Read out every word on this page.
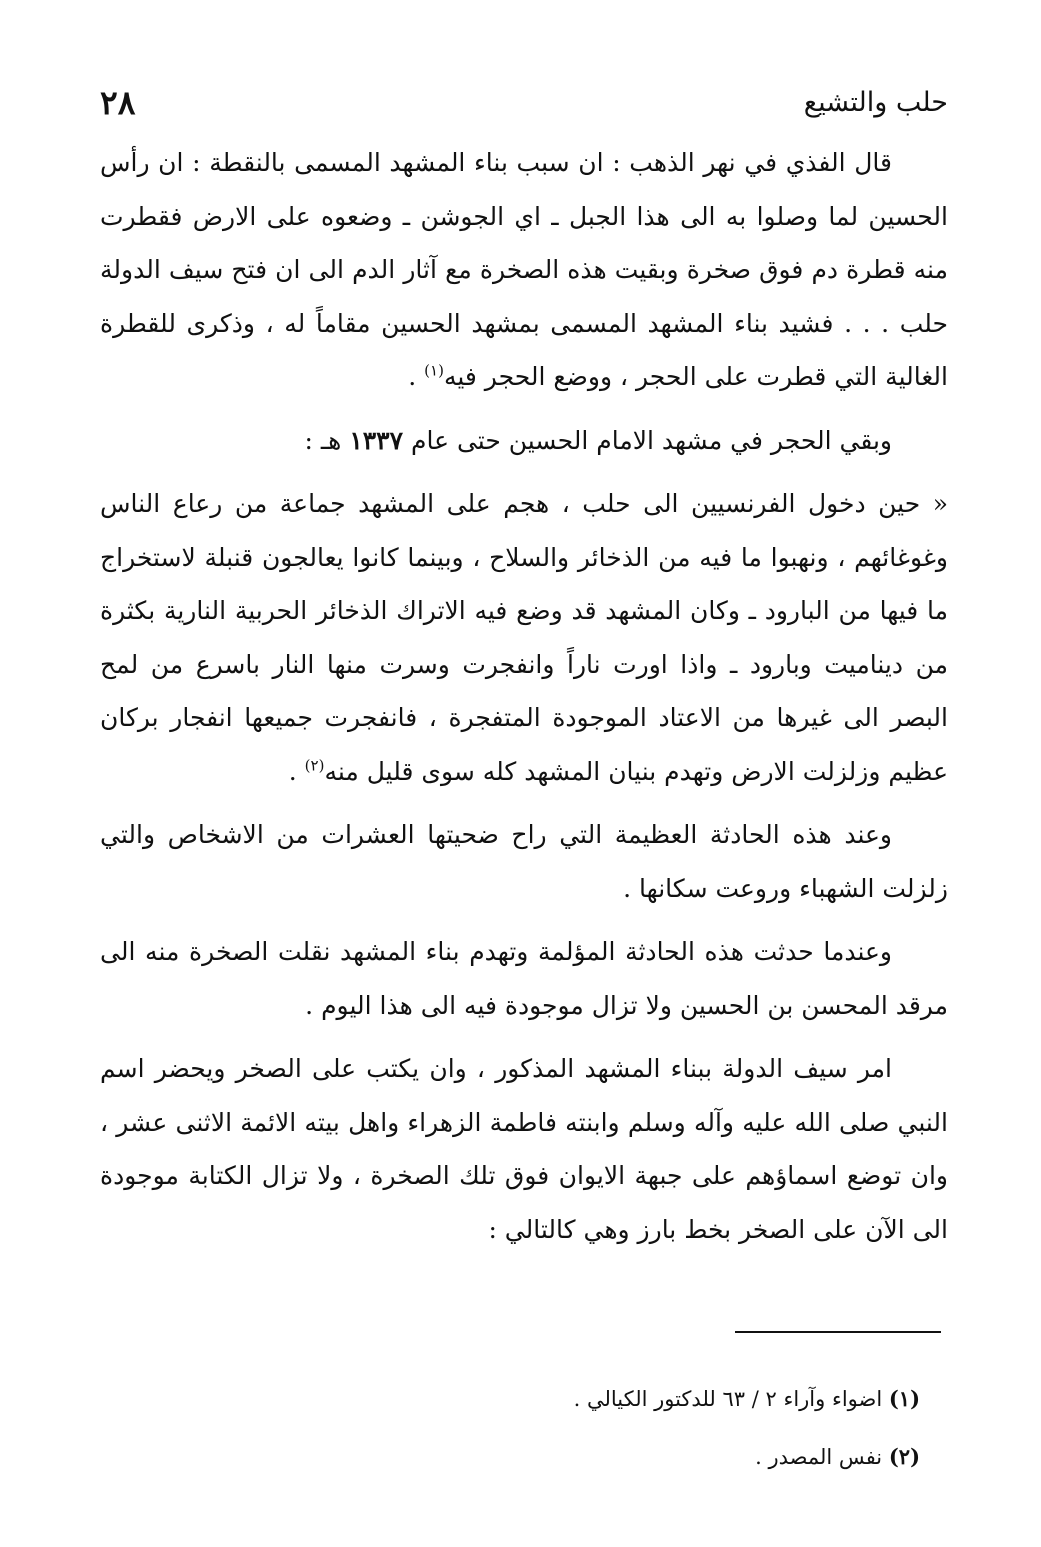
٢٨	حلب والتشيع

قال الفذي في نهر الذهب : ان سبب بناء المشهد المسمى بالنقطة : ان رأس الحسين لما وصلوا به الى هذا الجبل ـ اي الجوشن ـ وضعوه على الارض فقطرت منه قطرة دم فوق صخرة وبقيت هذه الصخرة مع آثار الدم الى ان فتح سيف الدولة حلب . . . فشيد بناء المشهد المسمى بمشهد الحسين مقاماً له ، وذكرى للقطرة الغالية التي قطرت على الحجر ، ووضع الحجر فيه$^{(١)}$ .

وبقي الحجر في مشهد الامام الحسين حتى عام ١٣٣٧ هـ :

« حين دخول الفرنسيين الى حلب ، هجم على المشهد جماعة من رعاع الناس وغوغائهم ، ونهبوا ما فيه من الذخائر والسلاح ، وبينما كانوا يعالجون قنبلة لاستخراج ما فيها من البارود ـ وكان المشهد قد وضع فيه الاتراك الذخائر الحربية النارية بكثرة من ديناميت وبارود ـ واذا اورت ناراً وانفجرت وسرت منها النار باسرع من لمح البصر الى غيرها من الاعتاد الموجودة المتفجرة ، فانفجرت جميعها انفجار بركان عظيم وزلزلت الارض وتهدم بنيان المشهد كله سوى قليل منه$^{(٢)}$ .

وعند هذه الحادثة العظيمة التي راح ضحيتها العشرات من الاشخاص والتي زلزلت الشهباء وروعت سكانها .

وعندما حدثت هذه الحادثة المؤلمة وتهدم بناء المشهد نقلت الصخرة منه الى مرقد المحسن بن الحسين ولا تزال موجودة فيه الى هذا اليوم .

امر سيف الدولة ببناء المشهد المذكور ، وان يكتب على الصخر ويحضر اسم النبي صلى الله عليه وآله وسلم وابنته فاطمة الزهراء واهل بيته الائمة الاثنى عشر ، وان توضع اسماؤهم على جبهة الايوان فوق تلك الصخرة ، ولا تزال الكتابة موجودة الى الآن على الصخر بخط بارز وهي كالتالي :

(١) اضواء وآراء ٢ / ٦٣ للدكتور الكيالي .

(٢) نفس المصدر .
